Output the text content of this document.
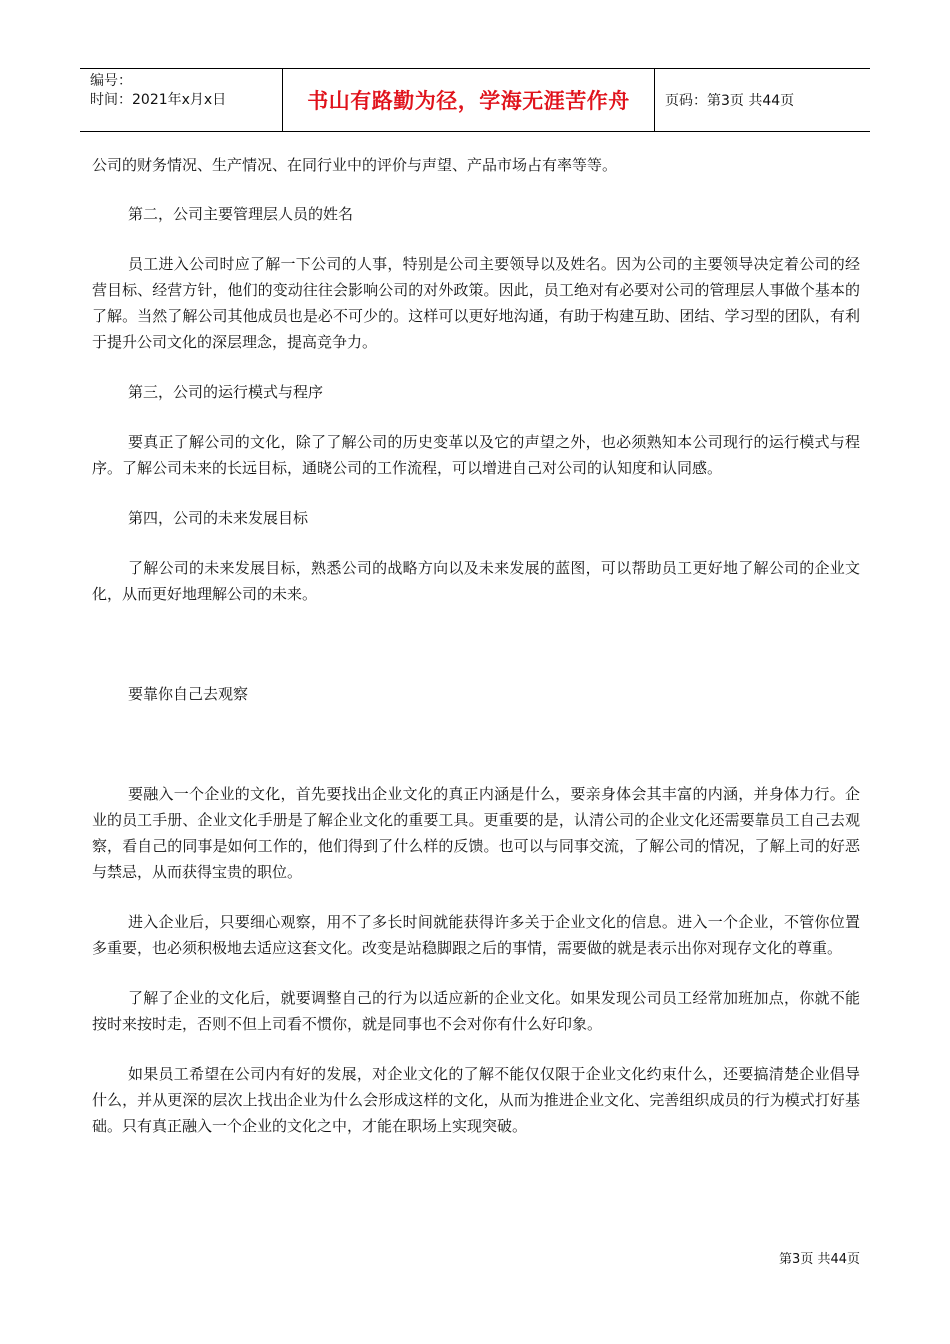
编号：
时间：2021年x月x日	书山有路勤为径，学海无涯苦作舟	页码：第3页 共44页

公司的财务情况、生产情况、在同行业中的评价与声望、产品市场占有率等等。

第二，公司主要管理层人员的姓名

员工进入公司时应了解一下公司的人事，特别是公司主要领导以及姓名。因为公司的主要领导决定着公司的经营目标、经营方针，他们的变动往往会影响公司的对外政策。因此，员工绝对有必要对公司的管理层人事做个基本的了解。当然了解公司其他成员也是必不可少的。这样可以更好地沟通，有助于构建互助、团结、学习型的团队，有利于提升公司文化的深层理念，提高竞争力。

第三，公司的运行模式与程序

要真正了解公司的文化，除了了解公司的历史变革以及它的声望之外，也必须熟知本公司现行的运行模式与程序。了解公司未来的长远目标，通晓公司的工作流程，可以增进自己对公司的认知度和认同感。

第四，公司的未来发展目标

了解公司的未来发展目标，熟悉公司的战略方向以及未来发展的蓝图，可以帮助员工更好地了解公司的企业文化，从而更好地理解公司的未来。

要靠你自己去观察

要融入一个企业的文化，首先要找出企业文化的真正内涵是什么，要亲身体会其丰富的内涵，并身体力行。企业的员工手册、企业文化手册是了解企业文化的重要工具。更重要的是，认清公司的企业文化还需要靠员工自己去观察，看自己的同事是如何工作的，他们得到了什么样的反馈。也可以与同事交流，了解公司的情况，了解上司的好恶与禁忌，从而获得宝贵的职位。

进入企业后，只要细心观察，用不了多长时间就能获得许多关于企业文化的信息。进入一个企业，不管你位置多重要，也必须积极地去适应这套文化。改变是站稳脚跟之后的事情，需要做的就是表示出你对现存文化的尊重。

了解了企业的文化后，就要调整自己的行为以适应新的企业文化。如果发现公司员工经常加班加点，你就不能按时来按时走，否则不但上司看不惯你，就是同事也不会对你有什么好印象。

如果员工希望在公司内有好的发展，对企业文化的了解不能仅仅限于企业文化约束什么，还要搞清楚企业倡导什么，并从更深的层次上找出企业为什么会形成这样的文化，从而为推进企业文化、完善组织成员的行为模式打好基础。只有真正融入一个企业的文化之中，才能在职场上实现突破。

第3页 共44页
